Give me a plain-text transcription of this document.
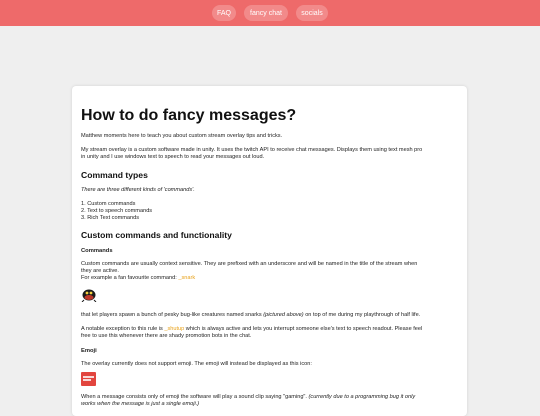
FAQ	fancy chat	socials
How to do fancy messages?

Matthew moments here to teach you about custom stream overlay tips and tricks.

My stream overlay is a custom software made in unity. It uses the twitch API to receive chat messages. Displays them using text mesh pro

in unity and I use windows text to speech to read your messages out loud.

Command types

There are three different kinds of 'commands'.

1. Custom commands
2. Text to speech commands
3. Rich Text commands
Custom commands and functionality
Commands

Custom commands are usually context sensitive. They are prefixed with an underscore and will be named in the title of the stream when

they are active.

For example a fan favourite command: _snark

that let players spawn a bunch of pesky bug-like creatures named snarks (pictured above) on top of me during my playthrough of half life.

A notable exception to this rule is _shutup which is always active and lets you interrupt someone else's text to speech readout. Please feel

free to use this whenever there are shady promotion bots in the chat.

Emoji

The overlay currently does not support emoji. The emoji will instead be displayed as this icon:

When a message consists only of emoji the software will play a sound clip saying "gaming". (currently due to a programming bug it only

works when the message is just a single emoji.)
